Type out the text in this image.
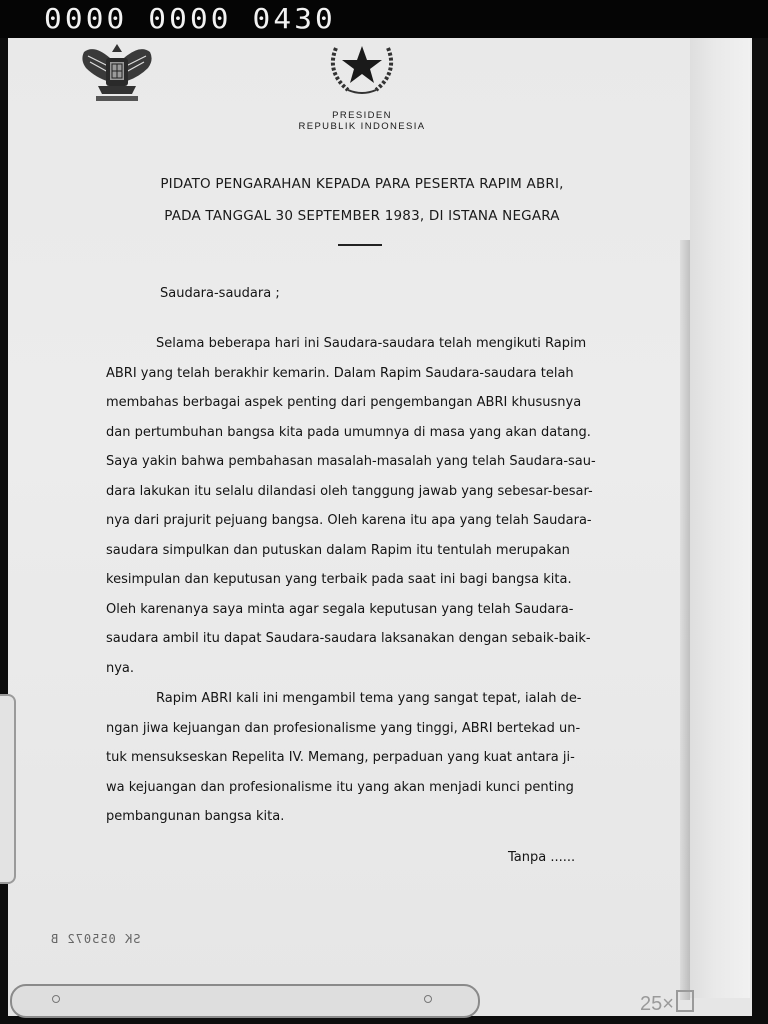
0000 0000 0430
PRESIDEN
REPUBLIK INDONESIA
PIDATO PENGARAHAN KEPADA PARA PESERTA RAPIM ABRI,
PADA TANGGAL 30 SEPTEMBER 1983, DI ISTANA NEGARA
Saudara-saudara ;
Selama beberapa hari ini Saudara-saudara telah mengikuti Rapim
ABRI yang telah berakhir kemarin. Dalam Rapim Saudara-saudara telah
membahas berbagai aspek penting dari pengembangan ABRI khususnya
dan pertumbuhan bangsa kita pada umumnya di masa yang akan datang.
Saya yakin bahwa pembahasan masalah-masalah yang telah Saudara-sau-
dara lakukan itu selalu dilandasi oleh tanggung jawab yang sebesar-besar-
nya dari prajurit pejuang bangsa. Oleh karena itu apa yang telah Saudara-
saudara simpulkan dan putuskan dalam Rapim itu tentulah merupakan
kesimpulan dan keputusan yang terbaik pada saat ini bagi bangsa kita.
Oleh karenanya saya minta agar segala keputusan yang telah Saudara-
saudara ambil itu dapat Saudara-saudara laksanakan dengan sebaik-baik-
nya.
Rapim ABRI kali ini mengambil tema yang sangat tepat, ialah de-
ngan jiwa kejuangan dan profesionalisme yang tinggi, ABRI bertekad un-
tuk mensukseskan Repelita IV. Memang, perpaduan yang kuat antara ji-
wa kejuangan dan profesionalisme itu yang akan menjadi kunci penting
pembangunan bangsa kita.
Tanpa ......
SK 055072 B
25×
